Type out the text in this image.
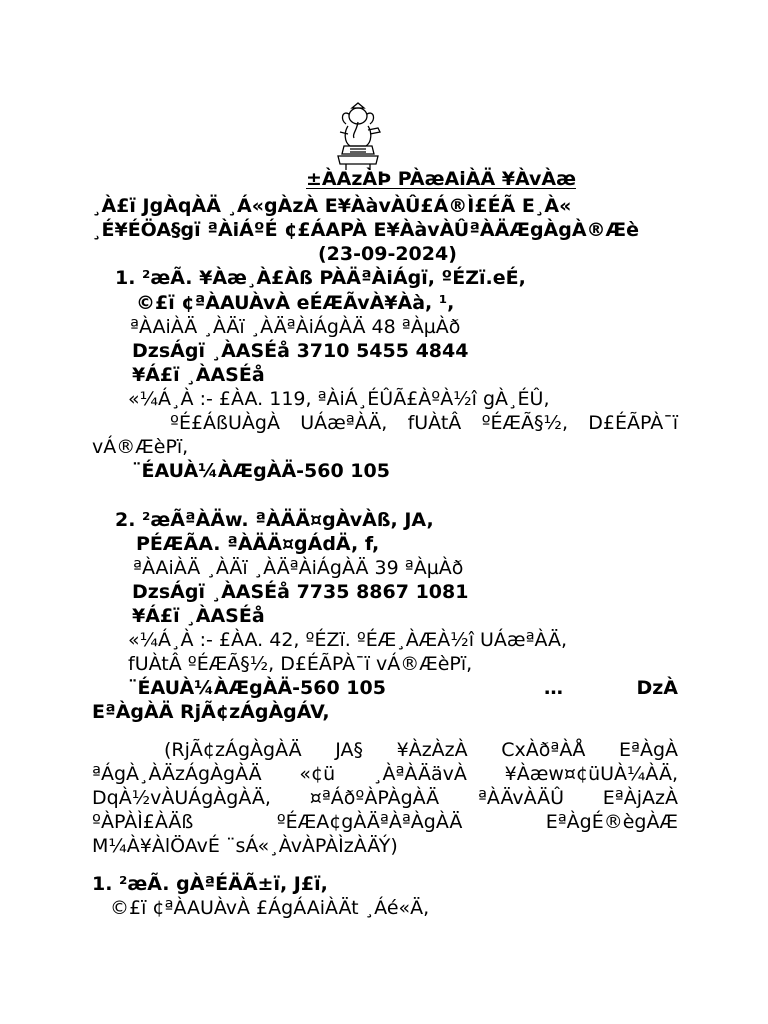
±ÀAzÀÞ PÀæAiÀÄ ¥ÀvÀæ
¸À£ï JgÀqÀÄ ¸Á«gÀzÀ E¥ÀàvÀÛ£Á®Ì£ÉÃ E¸À«
¸É¥ÉÖA§gï ªÀiÁºÉ ¢£ÁAPÀ E¥ÀàvÀÛªÀÄÆgÀgÀ®Æè
(23-09-2024)
1. ²æÃ. ¥Àæ¸À£Àß PÀÄªÀiÁgï, ºÉZï.eÉ,
©£ï ¢ªÀAUÀvÀ eÉÆÃvÀ¥Àà, ¹,
ªÀAiÀÄ ¸ÀÄï ¸ÀÄªÀiÁgÀÄ 48 ªÀµÀð
DzsÁgï ¸ÀASÉå 3710 5455 4844
¥Á£ï ¸ÀASÉå
«¼Á¸À :- £ÀA. 119, ªÀiÁ¸ÉÛÃ£ÀºÀ½î gÀ¸ÉÛ,
ºÉ£ÁßUÀgÀ UÁæªÀÄ, fUÀtÂ ºÉÆÃ§½, D£ÉÃPÀ¯ï
vÁ®ÆèPï,
¨ÉAUÀ¼ÀÆgÀÄ-560 105
2. ²æÃªÀÄw. ªÀÄÄ¤gÀvÀß, JA,
PÉÆÃA. ªÀÄÄ¤gÁdÄ, f,
ªÀAiÀÄ ¸ÀÄï ¸ÀÄªÀiÁgÀÄ 39 ªÀµÀð
DzsÁgï ¸ÀASÉå 7735 8867 1081
¥Á£ï ¸ÀASÉå
«¼Á¸À :- £ÀA. 42, ºÉZï. ºÉÆ¸ÀÆÀ½î UÁæªÀÄ,
fUÀtÂ ºÉÆÃ§½, D£ÉÃPÀ¯ï vÁ®ÆèPï,
¨ÉAUÀ¼ÀÆgÀÄ-560 105	…	DzÀ
EªÀgÀÄ RjÃ¢zÁgÀgÁV,
(RjÃ¢zÁgÀgÀÄ JA§ ¥ÀzÀzÀ CxÀðªÀÅ EªÀgÀ
ªÁgÀ¸ÀÄzÁgÀgÀÄ «¢ü ¸ÀªÀÄävÀ ¥Àæw¤¢üUÀ¼ÀÄ,
DqÀ½vÀUÁgÀgÀÄ, ¤ªÁðºÀPÀgÀÄ ªÀÄvÀÄÛ EªÀjAzÀ
ºÀPÀÌ£ÀÄß ºÉÆA¢gÀÄªÀªÀgÀÄ EªÀgÉ®ègÀÆ
M¼À¥ÀlÖAvÉ ¨sÁ«¸ÀvÀPÀÌzÀÄÝ)
1. ²æÃ. gÀªÉÄÃ±ï, J£ï,
©£ï ¢ªÀAUÀvÀ £ÁgÁAiÀÄt ¸Áé«Ä,
